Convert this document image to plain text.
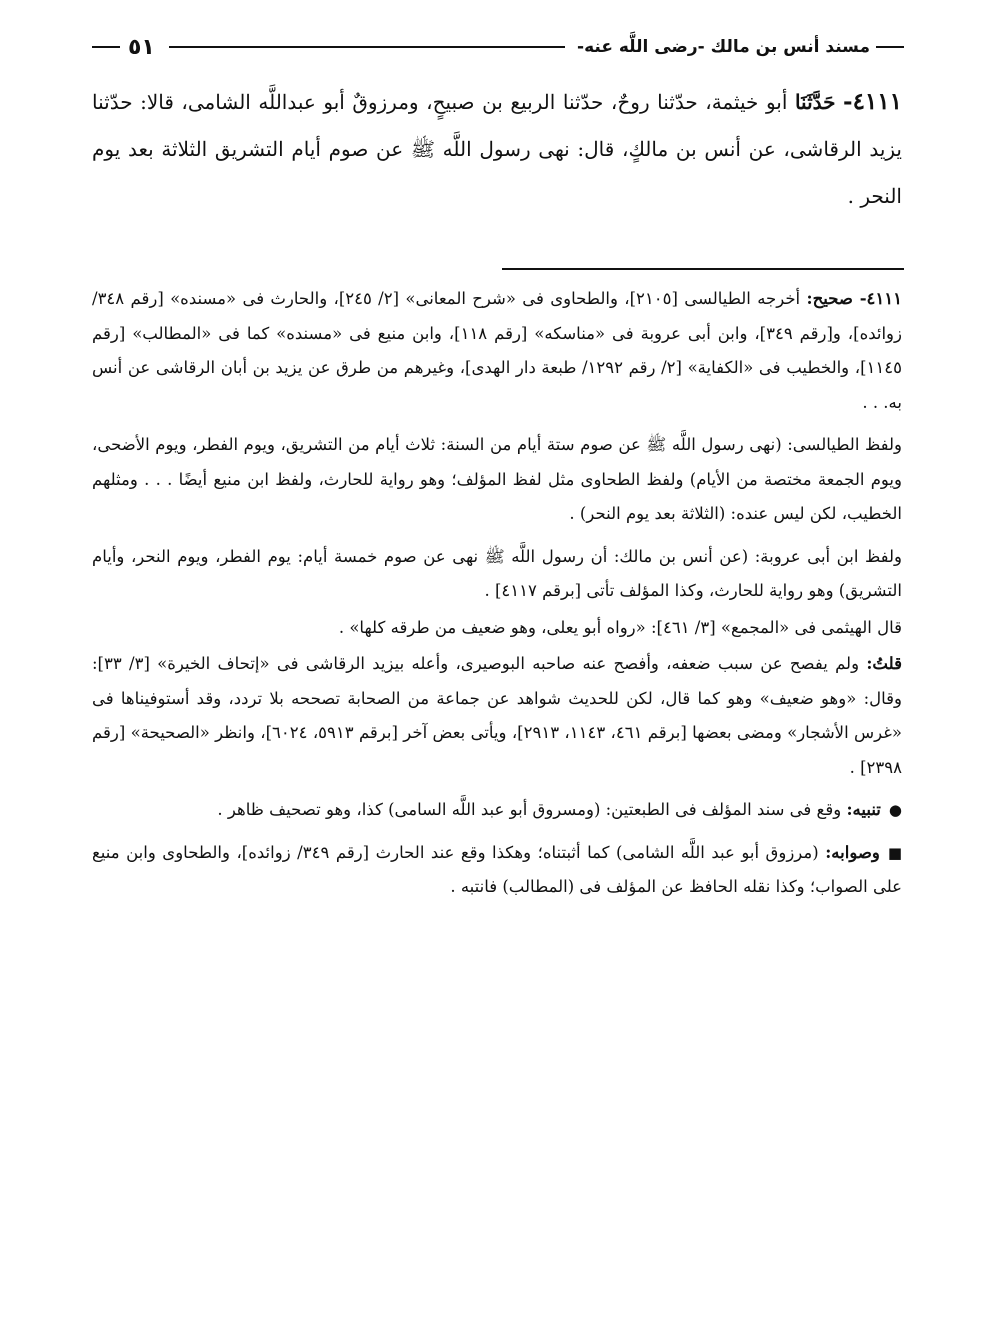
مسند أنس بن مالك -رضى اللَّه عنه-
٥١
٤١١١- حَدَّثَنَا أبو خيثمة، حدّثنا روحٌ، حدّثنا الربيع بن صبيحٍ، ومرزوقٌ أبو عبداللَّه الشامى، قالا: حدّثنا يزيد الرقاشى، عن أنس بن مالكٍ، قال: نهى رسول اللَّه ﷺ عن صوم أيام التشريق الثلاثة بعد يوم النحر .

٤١١١- صحيح: أخرجه الطيالسى [٢١٠٥]، والطحاوى فى «شرح المعانى» [٢/ ٢٤٥]، والحارث فى «مسنده» [رقم ٣٤٨/ زوائده]، و[رقم ٣٤٩]، وابن أبى عروبة فى «مناسكه» [رقم ١١٨]، وابن منيع فى «مسنده» كما فى «المطالب» [رقم ١١٤٥]، والخطيب فى «الكفاية» [٢/ رقم ١٢٩٢/ طبعة دار الهدى]، وغيرهم من طرق عن يزيد بن أبان الرقاشى عن أنس به. . .

ولفظ الطيالسى: (نهى رسول اللَّه ﷺ عن صوم ستة أيام من السنة: ثلاث أيام من التشريق، ويوم الفطر، ويوم الأضحى، ويوم الجمعة مختصة من الأيام) ولفظ الطحاوى مثل لفظ المؤلف؛ وهو رواية للحارث، ولفظ ابن منيع أيضًا . . . ومثلهم الخطيب، لكن ليس عنده: (الثلاثة بعد يوم النحر) .

ولفظ ابن أبى عروبة: (عن أنس بن مالك: أن رسول اللَّه ﷺ نهى عن صوم خمسة أيام: يوم الفطر، ويوم النحر، وأيام التشريق) وهو رواية للحارث، وكذا المؤلف تأتى [برقم ٤١١٧] .

قال الهيثمى فى «المجمع» [٣/ ٤٦١]: «رواه أبو يعلى، وهو ضعيف من طرقه كلها» .

قلتُ: ولم يفصح عن سبب ضعفه، وأفصح عنه صاحبه البوصيرى، وأعله بيزيد الرقاشى فى «إتحاف الخيرة» [٣/ ٣٣]: وقال: «وهو ضعيف» وهو كما قال، لكن للحديث شواهد عن جماعة من الصحابة تصححه بلا تردد، وقد أستوفيناها فى «غرس الأشجار» ومضى بعضها [برقم ٤٦١، ١١٤٣، ٢٩١٣]، ويأتى بعض آخر [برقم ٥٩١٣، ٦٠٢٤]، وانظر «الصحيحة» [رقم ٢٣٩٨] .

●تنبيه: وقع فى سند المؤلف فى الطبعتين: (ومسروق أبو عبد اللَّه السامى) كذا، وهو تصحيف ظاهر .

■وصوابه: (مرزوق أبو عبد اللَّه الشامى) كما أثبتناه؛ وهكذا وقع عند الحارث [رقم ٣٤٩/ زوائده]، والطحاوى وابن منيع على الصواب؛ وكذا نقله الحافظ عن المؤلف فى (المطالب) فانتبه .
